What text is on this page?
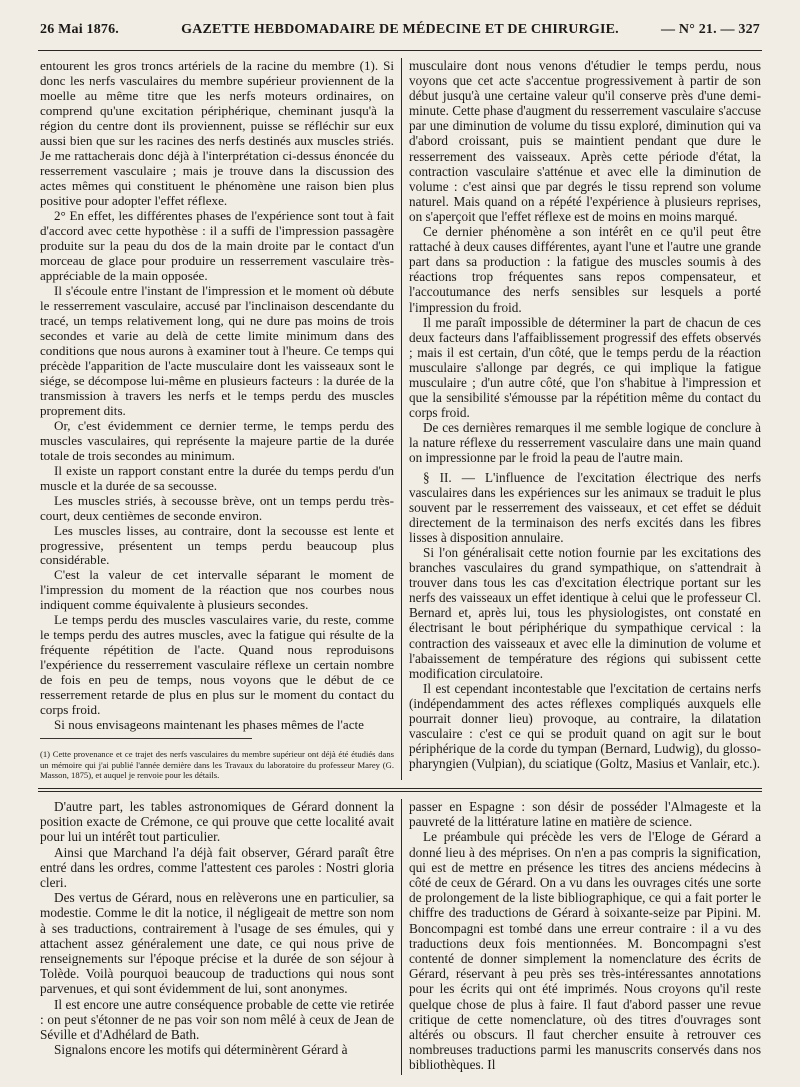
26 Mai 1876.	GAZETTE HEBDOMADAIRE DE MÉDECINE ET DE CHIRURGIE.	— N° 21. — 327

entourent les gros troncs artériels de la racine du membre (1). Si donc les nerfs vasculaires du membre supérieur proviennent de la moelle au même titre que les nerfs moteurs ordinaires, on comprend qu'une excitation périphérique, cheminant jusqu'à la région du centre dont ils proviennent, puisse se réfléchir sur eux aussi bien que sur les racines des nerfs destinés aux muscles striés. Je me rattacherais donc déjà à l'interprétation ci-dessus énoncée du resserrement vasculaire ; mais je trouve dans la discussion des actes mêmes qui constituent le phénomène une raison bien plus positive pour adopter l'effet réflexe.

2° En effet, les différentes phases de l'expérience sont tout à fait d'accord avec cette hypothèse : il a suffi de l'impression passagère produite sur la peau du dos de la main droite par le contact d'un morceau de glace pour produire un resserrement vasculaire très-appréciable de la main opposée.

Il s'écoule entre l'instant de l'impression et le moment où débute le resserrement vasculaire, accusé par l'inclinaison descendante du tracé, un temps relativement long, qui ne dure pas moins de trois secondes et varie au delà de cette limite minimum dans des conditions que nous aurons à examiner tout à l'heure. Ce temps qui précède l'apparition de l'acte musculaire dont les vaisseaux sont le siége, se décompose lui-même en plusieurs facteurs : la durée de la transmission à travers les nerfs et le temps perdu des muscles proprement dits.

Or, c'est évidemment ce dernier terme, le temps perdu des muscles vasculaires, qui représente la majeure partie de la durée totale de trois secondes au minimum.

Il existe un rapport constant entre la durée du temps perdu d'un muscle et la durée de sa secousse.

Les muscles striés, à secousse brève, ont un temps perdu très-court, deux centièmes de seconde environ.

Les muscles lisses, au contraire, dont la secousse est lente et progressive, présentent un temps perdu beaucoup plus considérable.

C'est la valeur de cet intervalle séparant le moment de l'impression du moment de la réaction que nos courbes nous indiquent comme équivalente à plusieurs secondes.

Le temps perdu des muscles vasculaires varie, du reste, comme le temps perdu des autres muscles, avec la fatigue qui résulte de la fréquente répétition de l'acte. Quand nous reproduisons l'expérience du resserrement vasculaire réflexe un certain nombre de fois en peu de temps, nous voyons que le début de ce resserrement retarde de plus en plus sur le moment du contact du corps froid.

Si nous envisageons maintenant les phases mêmes de l'acte

(1) Cette provenance et ce trajet des nerfs vasculaires du membre supérieur ont déjà été étudiés dans un mémoire qui j'ai publié l'année dernière dans les Travaux du laboratoire du professeur Marey (G. Masson, 1875), et auquel je renvoie pour les détails.

musculaire dont nous venons d'étudier le temps perdu, nous voyons que cet acte s'accentue progressivement à partir de son début jusqu'à une certaine valeur qu'il conserve près d'une demi-minute. Cette phase d'augment du resserrement vasculaire s'accuse par une diminution de volume du tissu exploré, diminution qui va d'abord croissant, puis se maintient pendant que dure le resserrement des vaisseaux. Après cette période d'état, la contraction vasculaire s'atténue et avec elle la diminution de volume : c'est ainsi que par degrés le tissu reprend son volume naturel. Mais quand on a répété l'expérience à plusieurs reprises, on s'aperçoit que l'effet réflexe est de moins en moins marqué.

Ce dernier phénomène a son intérêt en ce qu'il peut être rattaché à deux causes différentes, ayant l'une et l'autre une grande part dans sa production : la fatigue des muscles soumis à des réactions trop fréquentes sans repos compensateur, et l'accoutumance des nerfs sensibles sur lesquels a porté l'impression du froid.

Il me paraît impossible de déterminer la part de chacun de ces deux facteurs dans l'affaiblissement progressif des effets observés ; mais il est certain, d'un côté, que le temps perdu de la réaction musculaire s'allonge par degrés, ce qui implique la fatigue musculaire ; d'un autre côté, que l'on s'habitue à l'impression et que la sensibilité s'émousse par la répétition même du contact du corps froid.

De ces dernières remarques il me semble logique de conclure à la nature réflexe du resserrement vasculaire dans une main quand on impressionne par le froid la peau de l'autre main.

§ II. — L'influence de l'excitation électrique des nerfs vasculaires dans les expériences sur les animaux se traduit le plus souvent par le resserrement des vaisseaux, et cet effet se déduit directement de la terminaison des nerfs excités dans les fibres lisses à disposition annulaire.

Si l'on généralisait cette notion fournie par les excitations des branches vasculaires du grand sympathique, on s'attendrait à trouver dans tous les cas d'excitation électrique portant sur les nerfs des vaisseaux un effet identique à celui que le professeur Cl. Bernard et, après lui, tous les physiologistes, ont constaté en électrisant le bout périphérique du sympathique cervical : la contraction des vaisseaux et avec elle la diminution de volume et l'abaissement de température des régions qui subissent cette modification circulatoire.

Il est cependant incontestable que l'excitation de certains nerfs (indépendamment des actes réflexes compliqués auxquels elle pourrait donner lieu) provoque, au contraire, la dilatation vasculaire : c'est ce qui se produit quand on agit sur le bout périphérique de la corde du tympan (Bernard, Ludwig), du glosso-pharyngien (Vulpian), du sciatique (Goltz, Masius et Vanlair, etc.).

D'autre part, les tables astronomiques de Gérard donnent la position exacte de Crémone, ce qui prouve que cette localité avait pour lui un intérêt tout particulier.

Ainsi que Marchand l'a déjà fait observer, Gérard paraît être entré dans les ordres, comme l'attestent ces paroles : Nostri gloria cleri.

Des vertus de Gérard, nous en relèverons une en particulier, sa modestie. Comme le dit la notice, il négligeait de mettre son nom à ses traductions, contrairement à l'usage de ses émules, qui y attachent assez généralement une date, ce qui nous prive de renseignements sur l'époque précise et la durée de son séjour à Tolède. Voilà pourquoi beaucoup de traductions qui nous sont parvenues, et qui sont évidemment de lui, sont anonymes.

Il est encore une autre conséquence probable de cette vie retirée : on peut s'étonner de ne pas voir son nom mêlé à ceux de Jean de Séville et d'Adhélard de Bath.

Signalons encore les motifs qui déterminèrent Gérard à

passer en Espagne : son désir de posséder l'Almageste et la pauvreté de la littérature latine en matière de science.

Le préambule qui précède les vers de l'Eloge de Gérard a donné lieu à des méprises. On n'en a pas compris la signification, qui est de mettre en présence les titres des anciens médecins à côté de ceux de Gérard. On a vu dans les ouvrages cités une sorte de prolongement de la liste bibliographique, ce qui a fait porter le chiffre des traductions de Gérard à soixante-seize par Pipini. M. Boncompagni est tombé dans une erreur contraire : il a vu des traductions deux fois mentionnées. M. Boncompagni s'est contenté de donner simplement la nomenclature des écrits de Gérard, réservant à peu près ses très-intéressantes annotations pour les écrits qui ont été imprimés. Nous croyons qu'il reste quelque chose de plus à faire. Il faut d'abord passer une revue critique de cette nomenclature, où des titres d'ouvrages sont altérés ou obscurs. Il faut chercher ensuite à retrouver ces nombreuses traductions parmi les manuscrits conservés dans nos bibliothèques. Il
